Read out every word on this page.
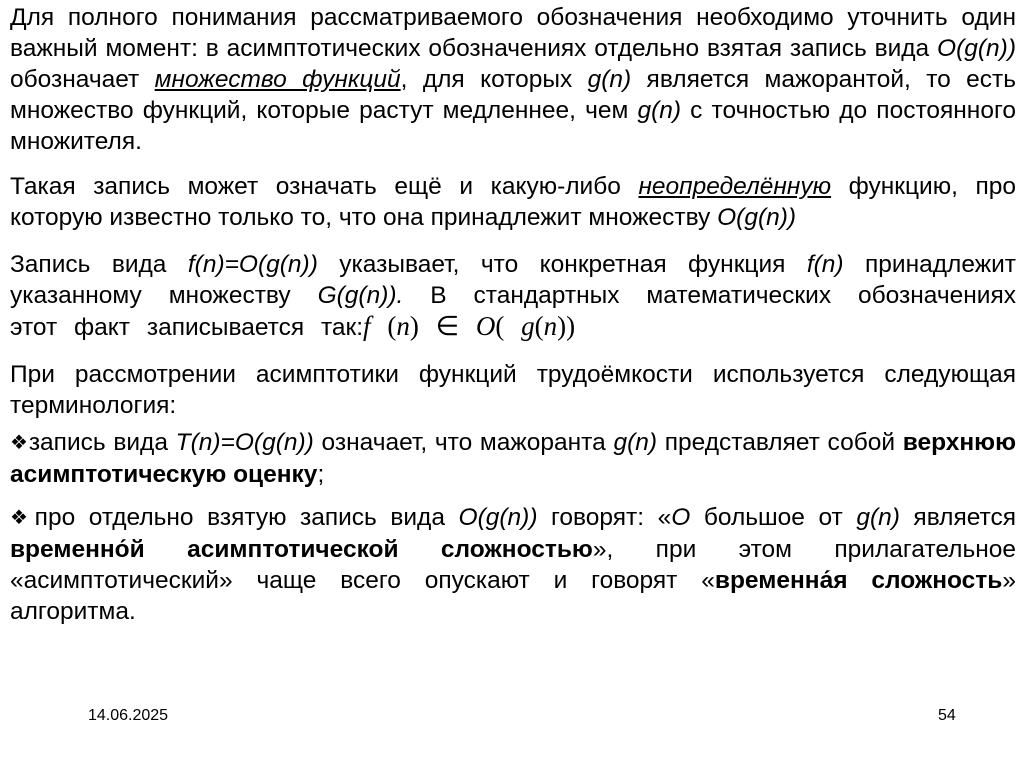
Для полного понимания рассматриваемого обозначения необходимо уточнить один важный момент: в асимптотических обозначениях отдельно взятая запись вида O(g(n)) обозначает множество функций, для которых g(n) является мажорантой, то есть множество функций, которые растут медленнее, чем g(n) с точностью до постоянного множителя.

Такая запись может означать ещё и какую-либо неопределённую функцию, про которую известно только то, что она принадлежит множеству O(g(n))

Запись вида f(n)=O(g(n)) указывает, что конкретная функция f(n) принадлежит указанному множеству G(g(n)). В стандартных математических обозначениях этот факт записывается так:f (n) ∈ O( g(n))

При рассмотрении асимптотики функций трудоёмкости используется следующая терминология:

❖запись вида T(n)=O(g(n)) означает, что мажоранта g(n) представляет собой верхнюю асимптотическую оценку;

❖про отдельно взятую запись вида O(g(n)) говорят: «O большое от g(n) является временно́й асимптотической сложностью», при этом прилагательное «асимптотический» чаще всего опускают и говорят «временна́я сложность» алгоритма.

14.06.2025	54
